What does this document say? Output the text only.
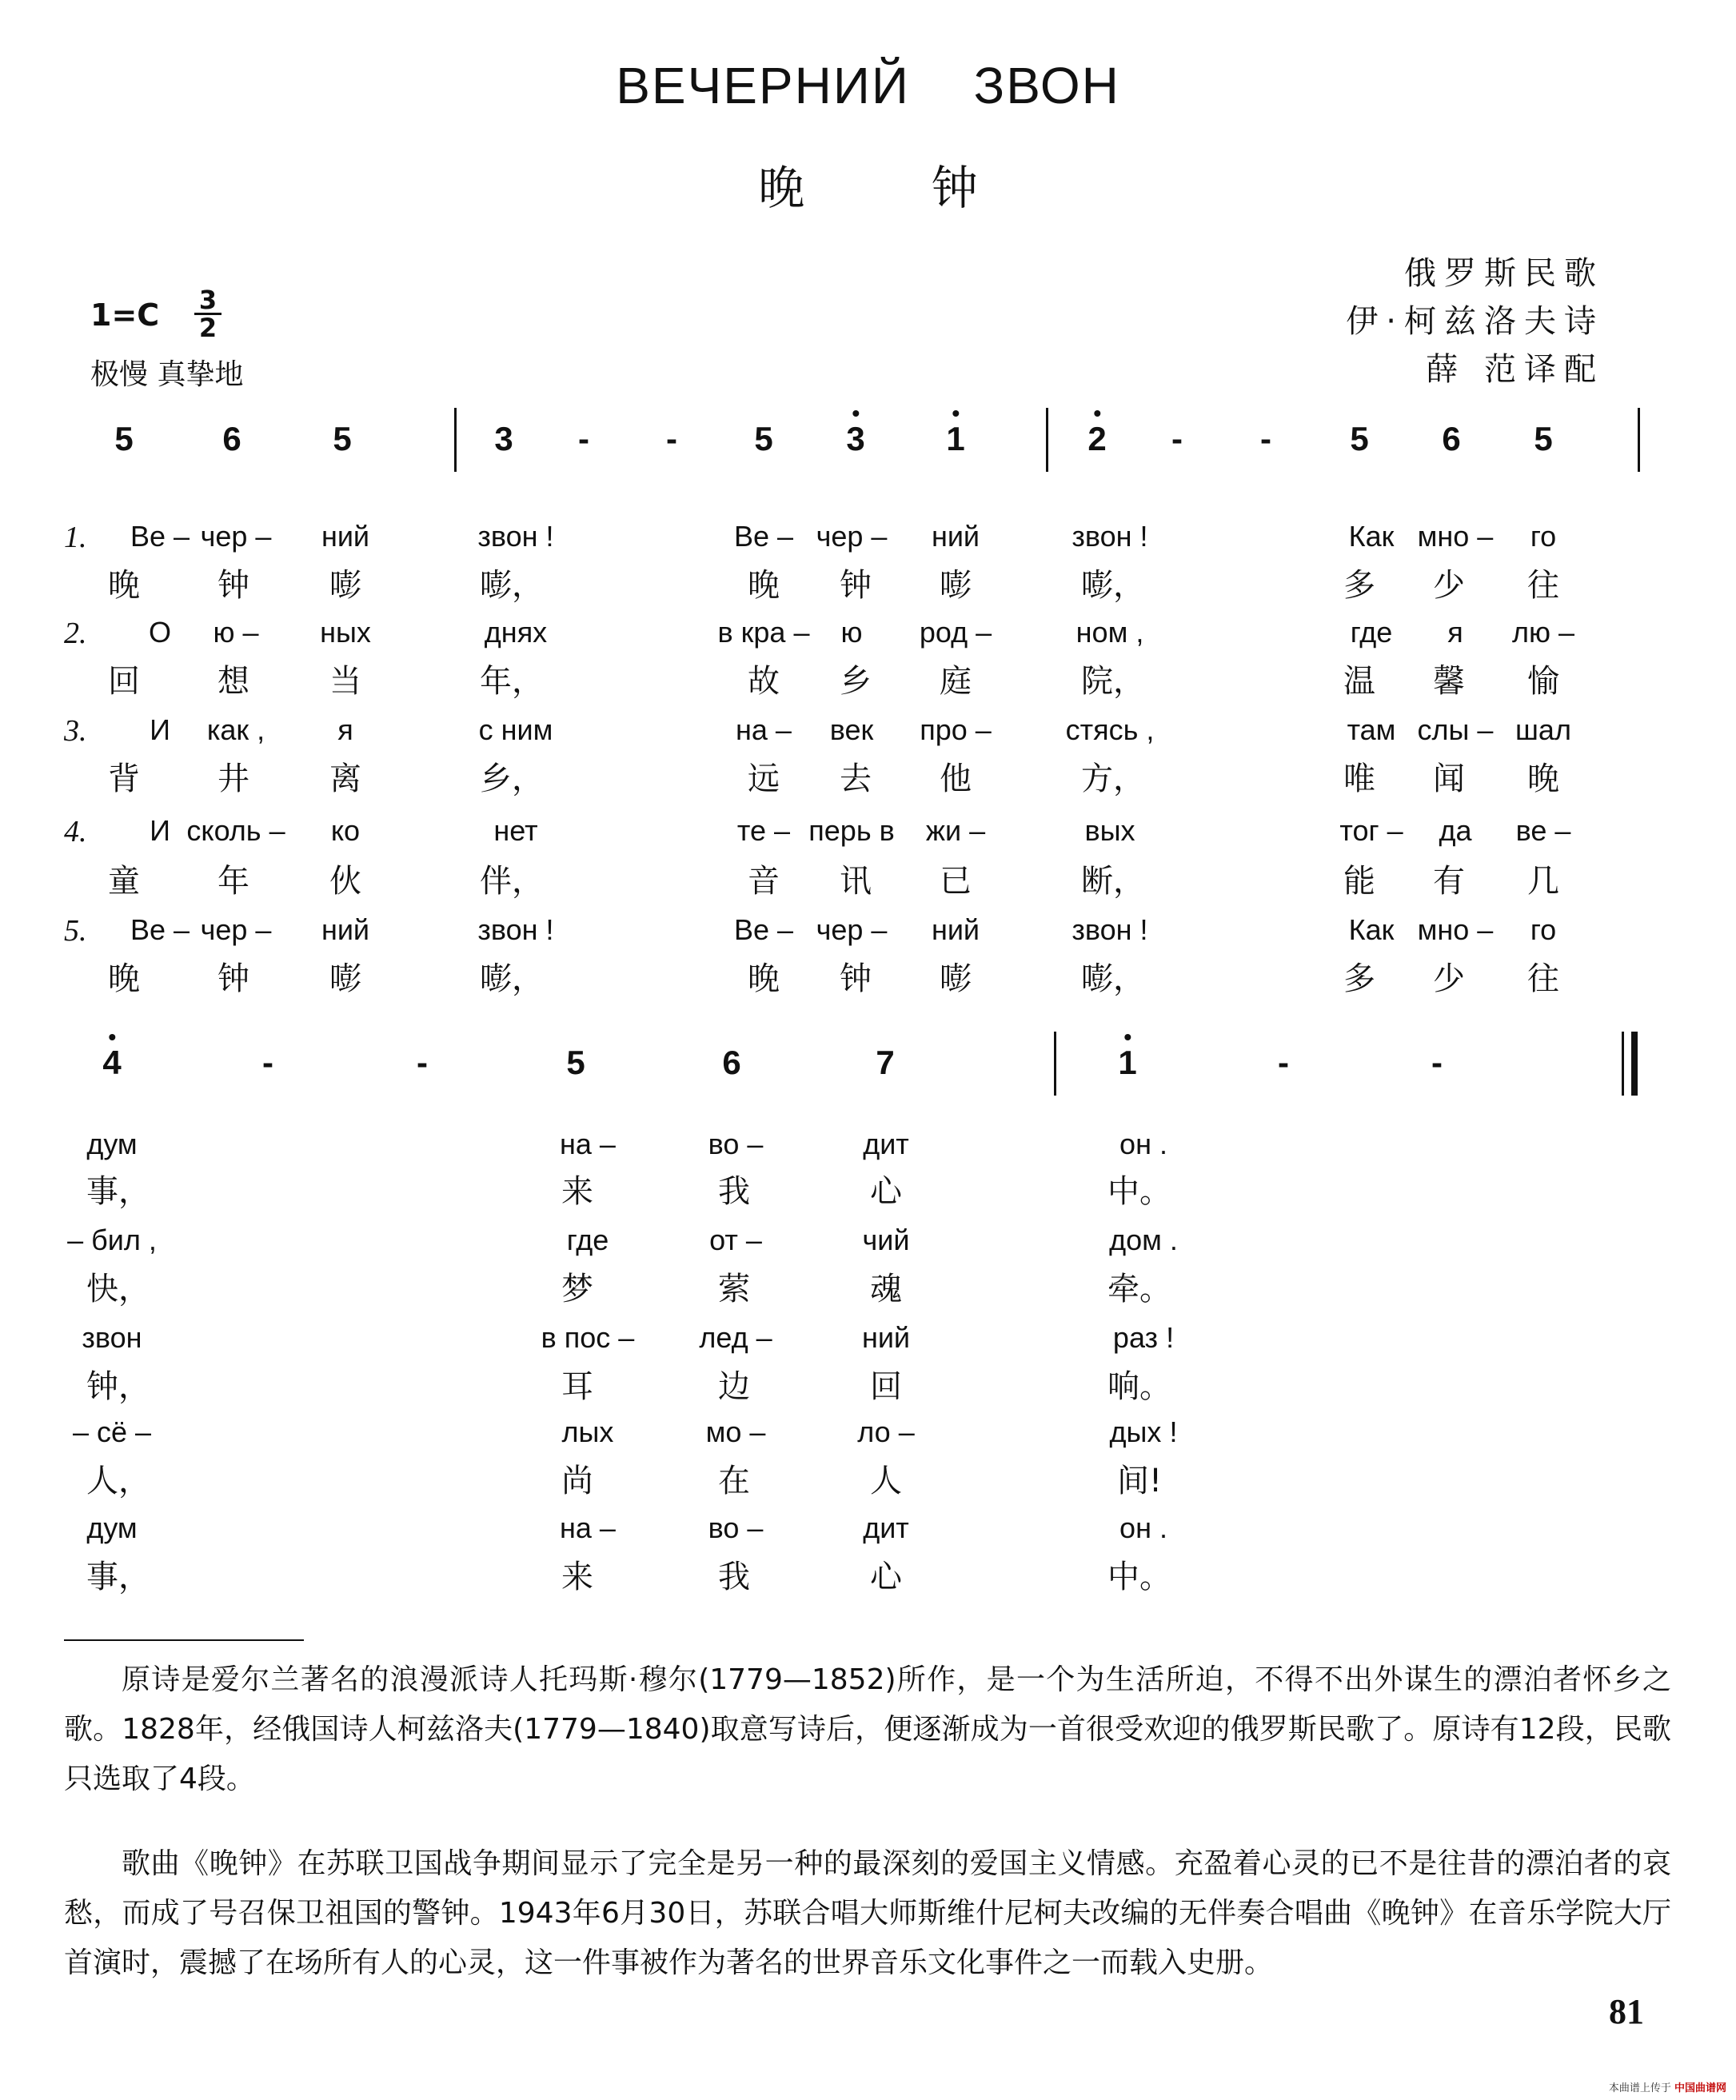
ВЕЧЕРНИЙ ЗВОН
晚 钟
俄罗斯民歌
伊·柯兹洛夫诗
薛 范译配
1=C 3
2
极慢 真挚地
5	6	5	3 - - 5 3 1	2 - - 5 6 5
1. Ве – чер – ний	звон !	Ве – чер – ний	звон !	Как мно – го
晚 钟	嘭	嘭，	晚 钟 嘭	嘭，	多 少 往
2. О ю – ных	днях	в кра – ю род –	ном ,	где я лю –
回 想	当	年，	故 乡 庭	院，	温 馨 愉
3. И как ,	я	с ним	на – век про –	стясь ,	там слы – шал
背 井	离	乡，	远 去 他	方，	唯 闻 晚
4. И сколь – ко	нет	те – перь в жи –	вых	тог – да ве –
童 年	伙	伴，	音 讯 已	断，	能 有 几
5. Ве – чер – ний	звон !	Ве – чер – ний	звон !	Как мно – го
晚 钟	嘭	嘭，	晚 钟 嘭	嘭，	多 少 往
4	-	-	5	6	7	1	-	-
дум	на –	во –	дит	он .
事，	来	我	心	中。
– бил ,	где	от –	чий	дом .
快，	梦	萦	魂	牵。
звон	в пос – лед –	ний	раз !
钟，	耳	边	回	响。
– сё –	лых	мо –	ло –	дых !
人，	尚	在	人	间!
дум	на –	во –	дит	он .
事，	来	我	心	中。
原诗是爱尔兰著名的浪漫派诗人托玛斯·穆尔(1779—1852)所作，是一个为生活所迫，不得不出外谋生的漂泊者怀乡之歌。1828年，经俄国诗人柯兹洛夫(1779—1840)取意写诗后，便逐渐成为一首很受欢迎的俄罗斯民歌了。原诗有12段，民歌只选取了4段。
歌曲《晚钟》在苏联卫国战争期间显示了完全是另一种的最深刻的爱国主义情感。充盈着心灵的已不是往昔的漂泊者的哀愁，而成了号召保卫祖国的警钟。1943年6月30日，苏联合唱大师斯维什尼柯夫改编的无伴奏合唱曲《晚钟》在音乐学院大厅首演时，震撼了在场所有人的心灵，这一件事被作为著名的世界音乐文化事件之一而载入史册。
81
本曲谱上传于 中国曲谱网
